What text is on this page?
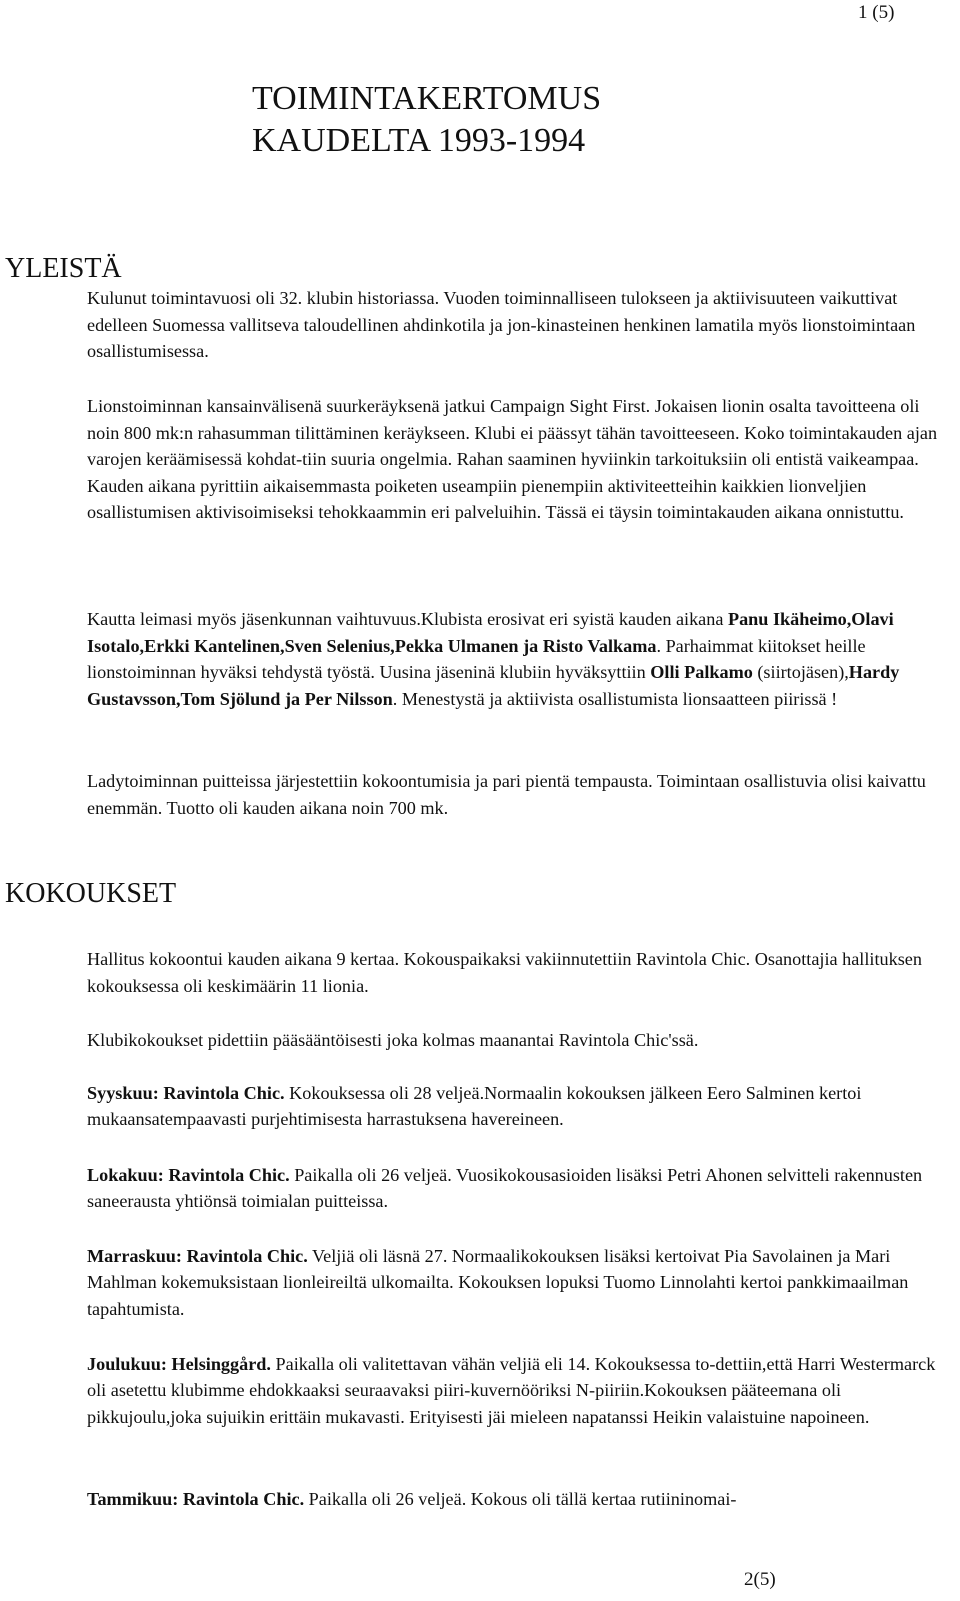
1 (5)
TOIMINTAKERTOMUS
KAUDELTA 1993-1994
YLEISTÄ

Kulunut toimintavuosi oli 32. klubin historiassa. Vuoden toiminnalliseen tulokseen ja aktiivisuuteen vaikuttivat edelleen Suomessa vallitseva taloudellinen ahdinkotila ja jon-kinasteinen henkinen lamatila myös lionstoimintaan osallistumisessa.

Lionstoiminnan kansainvälisenä suurkeräyksenä jatkui Campaign Sight First. Jokaisen lionin osalta tavoitteena oli noin 800 mk:n rahasumman tilittäminen keräykseen. Klubi ei päässyt tähän tavoitteeseen. Koko toimintakauden ajan varojen keräämisessä kohdat-tiin suuria ongelmia. Rahan saaminen hyviinkin tarkoituksiin oli entistä vaikeampaa. Kauden aikana pyrittiin aikaisemmasta poiketen useampiin pienempiin aktiviteetteihin kaikkien lionveljien osallistumisen aktivisoimiseksi tehokkaammin eri palveluihin. Tässä ei täysin toimintakauden aikana onnistuttu.

Kautta leimasi myös jäsenkunnan vaihtuvuus.Klubista erosivat eri syistä kauden aikana Panu Ikäheimo,Olavi Isotalo,Erkki Kantelinen,Sven Selenius,Pekka Ulmanen ja Risto Valkama. Parhaimmat kiitokset heille lionstoiminnan hyväksi tehdystä työstä. Uusina jäseninä klubiin hyväksyttiin Olli Palkamo (siirtojäsen),Hardy Gustavsson,Tom Sjölund ja Per Nilsson. Menestystä ja aktiivista osallistumista lionsaatteen piirissä !

Ladytoiminnan puitteissa järjestettiin kokoontumisia ja pari pientä tempausta. Toimintaan osallistuvia olisi kaivattu enemmän. Tuotto oli kauden aikana noin 700 mk.

KOKOUKSET

Hallitus kokoontui kauden aikana 9 kertaa. Kokouspaikaksi vakiinnutettiin Ravintola Chic. Osanottajia hallituksen kokouksessa oli keskimäärin 11 lionia.

Klubikokoukset pidettiin pääsääntöisesti joka kolmas maanantai Ravintola Chic'ssä.

Syyskuu: Ravintola Chic. Kokouksessa oli 28 veljeä.Normaalin kokouksen jälkeen Eero Salminen kertoi mukaansatempaavasti purjehtimisesta harrastuksena havereineen.

Lokakuu: Ravintola Chic. Paikalla oli 26 veljeä. Vuosikokousasioiden lisäksi Petri Ahonen selvitteli rakennusten saneerausta yhtiönsä toimialan puitteissa.

Marraskuu: Ravintola Chic. Veljiä oli läsnä 27. Normaalikokouksen lisäksi kertoivat Pia Savolainen ja Mari Mahlman kokemuksistaan lionleireiltä ulkomailta. Kokouksen lopuksi Tuomo Linnolahti kertoi pankkimaailman tapahtumista.

Joulukuu: Helsinggård. Paikalla oli valitettavan vähän veljiä eli 14. Kokouksessa to-dettiin,että Harri Westermarck oli asetettu klubimme ehdokkaaksi seuraavaksi piiri-kuvernööriksi N-piiriin.Kokouksen pääteemana oli pikkujoulu,joka sujuikin erittäin mukavasti. Erityisesti jäi mieleen napatanssi Heikin valaistuine napoineen.

Tammikuu: Ravintola Chic. Paikalla oli 26 veljeä. Kokous oli tällä kertaa rutiininomai-

2(5)
